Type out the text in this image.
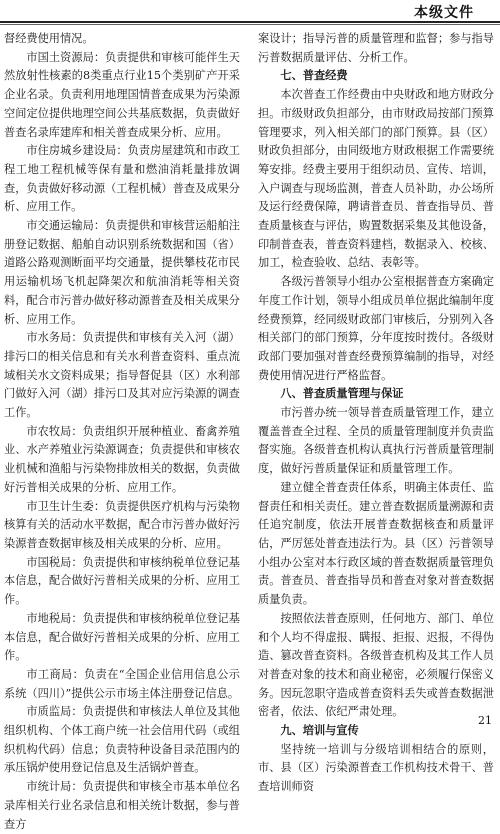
本级文件

督经费使用情况。

市国土资源局：负责提供和审核可能伴生天然放射性核素的8类重点行业15个类别矿产开采企业名录。负责利用地理国情普查成果为污染源空间定位提供地理空间公共基底数据，负责做好普查名录库建库和相关普查成果分析、应用。

市住房城乡建设局：负责房屋建筑和市政工程工地工程机械等保有量和燃油消耗量排放调查，负责做好移动源（工程机械）普查及成果分析、应用工作。

市交通运输局：负责提供和审核营运船舶注册登记数据、船舶自动识别系统数据和国（省）道路公路观测断面平均交通量，提供攀枝花市民用运输机场飞机起降架次和航油消耗等相关资料，配合市污普办做好移动源普查及相关成果分析、应用工作。

市水务局：负责提供和审核有关入河（湖）排污口的相关信息和有关水利普查资料、重点流域相关水文资料成果；指导督促县（区）水利部门做好入河（湖）排污口及其对应污染源的调查工作。

市农牧局：负责组织开展种植业、畜禽养殖业、水产养殖业污染源调查；负责提供和审核农业机械和渔船与污染物排放相关的数据，负责做好污普相关成果的分析、应用工作。

市卫生计生委：负责提供医疗机构与污染物核算有关的活动水平数据，配合市污普办做好污染源普查数据审核及相关成果的分析、应用。

市国税局：负责提供和审核纳税单位登记基本信息，配合做好污普相关成果的分析、应用工作。

市地税局：负责提供和审核纳税单位登记基本信息，配合做好污普相关成果的分析、应用工作。

市工商局：负责在“全国企业信用信息公示系统（四川）”提供公示市场主体注册登记信息。

市质监局：负责提供和审核法人单位及其他组织机构、个体工商户统一社会信用代码（或组织机构代码）信息；负责特种设备目录范围内的承压锅炉使用登记信息及生活锅炉普查。

市统计局：负责提供和审核全市基本单位名录库相关行业名录信息和相关统计数据，参与普查方

案设计；指导污普的质量管理和监督；参与指导污普数据质量评估、分析工作。

七、普查经费

本次普查工作经费由中央财政和地方财政分担。市级财政负担部分，由市财政局按部门预算管理要求，列入相关部门的部门预算。县（区）财政负担部分，由同级地方财政根据工作需要统筹安排。经费主要用于组织动员、宣传、培训，入户调查与现场监测，普查人员补助，办公场所及运行经费保障，聘请普查员、普查指导员、普查质量核查与评估，购置数据采集及其他设备，印制普查表，普查资料建档，数据录入、校核、加工，检查验收、总结、表彰等。

各级污普领导小组办公室根据普查方案确定年度工作计划，领导小组成员单位据此编制年度经费预算，经同级财政部门审核后，分别列入各相关部门的部门预算，分年度按时拨付。各级财政部门要加强对普查经费预算编制的指导，对经费使用情况进行严格监督。

八、普查质量管理与保证

市污普办统一领导普查质量管理工作，建立覆盖普查全过程、全员的质量管理制度并负责监督实施。各级普查机构认真执行污普质量管理制度，做好污普质量保证和质量管理工作。

建立健全普查责任体系，明确主体责任、监督责任和相关责任。建立普查数据质量溯源和责任追究制度，依法开展普查数据核查和质量评估，严厉惩处普查违法行为。县（区）污普领导小组办公室对本行政区域的普查数据质量管理负责。普查员、普查指导员和普查对象对普查数据质量负责。

按照依法普查原则，任何地方、部门、单位和个人均不得虚报、瞒报、拒报、迟报，不得伪造、篡改普查资料。各级普查机构及其工作人员对普查对象的技术和商业秘密，必须履行保密义务。因玩忽职守造成普查资料丢失或普查数据泄密者，依法、依纪严肃处理。

九、培训与宣传

坚持统一培训与分级培训相结合的原则，市、县（区）污染源普查工作机构技术骨干、普查培训师资

21
